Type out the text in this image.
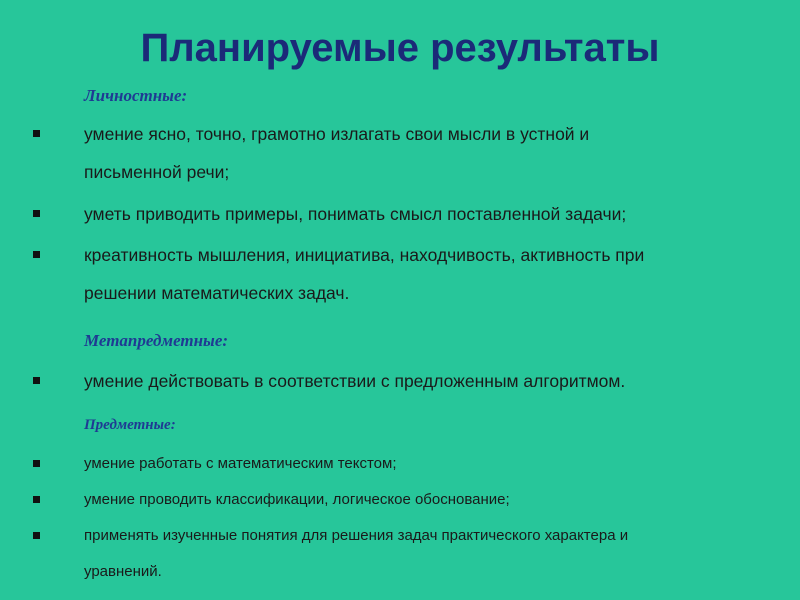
Планируемые результаты
Личностные:
умение ясно, точно, грамотно излагать свои мысли в устной и
письменной речи;
уметь приводить примеры, понимать смысл поставленной задачи;
креативность мышления, инициатива, находчивость, активность при
решении математических задач.
Метапредметные:
умение действовать в соответствии с предложенным алгоритмом.
Предметные:
умение работать с математическим текстом;
умение проводить классификации, логическое обоснование;
применять изученные понятия для решения задач практического характера и
уравнений.
